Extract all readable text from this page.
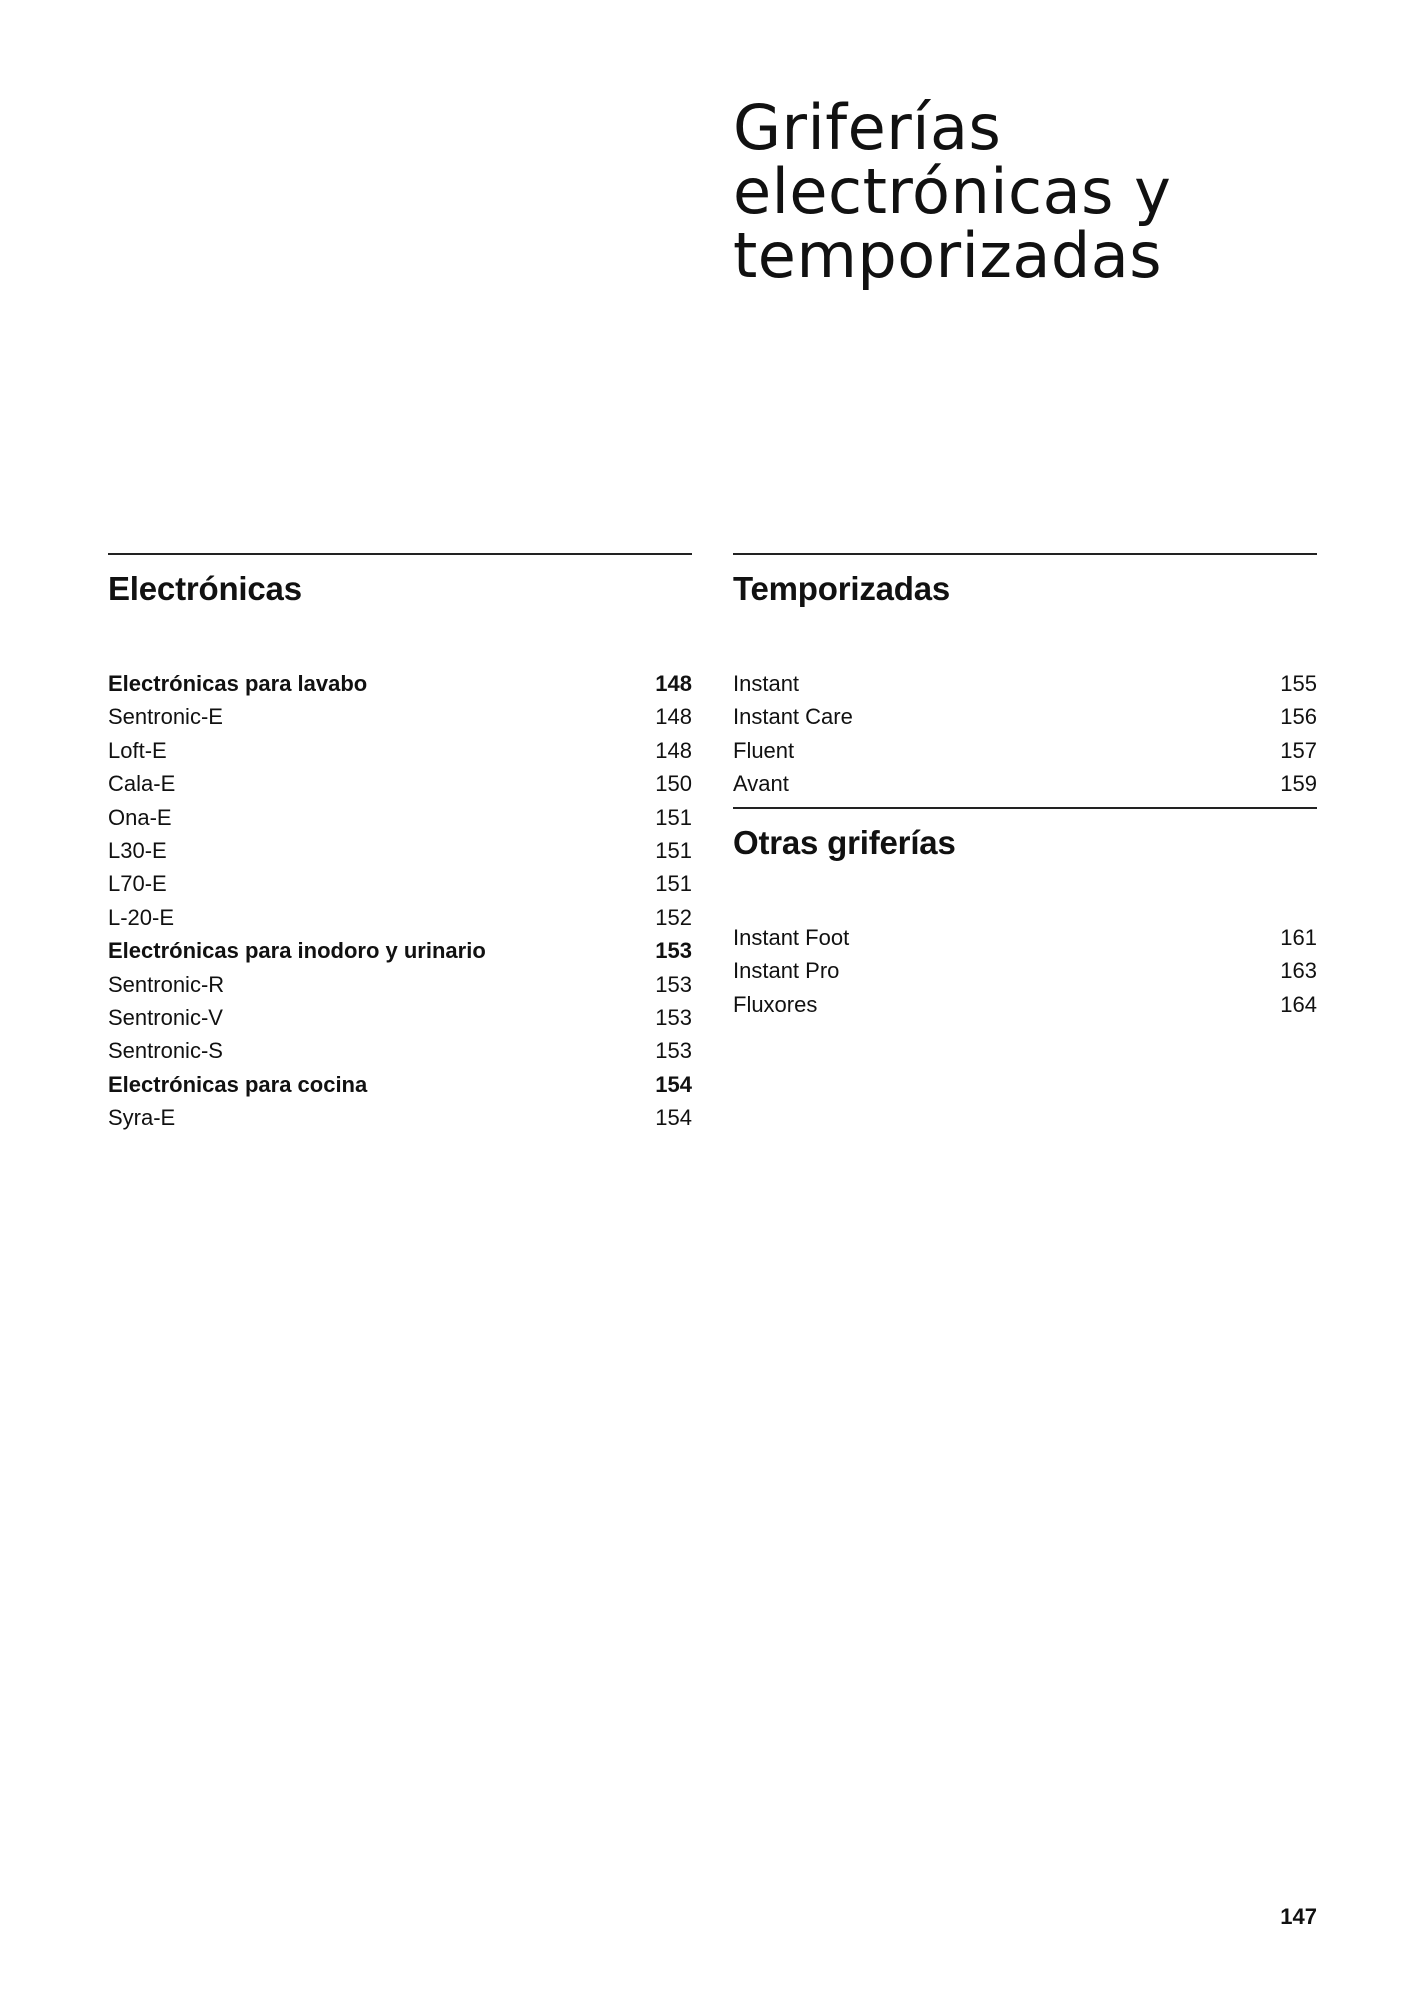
Griferías
electrónicas y
temporizadas
Electrónicas
Electrónicas para lavabo	148
Sentronic-E	148
Loft-E	148
Cala-E	150
Ona-E	151
L30-E	151
L70-E	151
L-20-E	152
Electrónicas para inodoro y urinario	153
Sentronic-R	153
Sentronic-V	153
Sentronic-S	153
Electrónicas para cocina	154
Syra-E	154
Temporizadas
Instant	155
Instant Care	156
Fluent	157
Avant	159
Otras griferías
Instant Foot	161
Instant Pro	163
Fluxores	164
147
